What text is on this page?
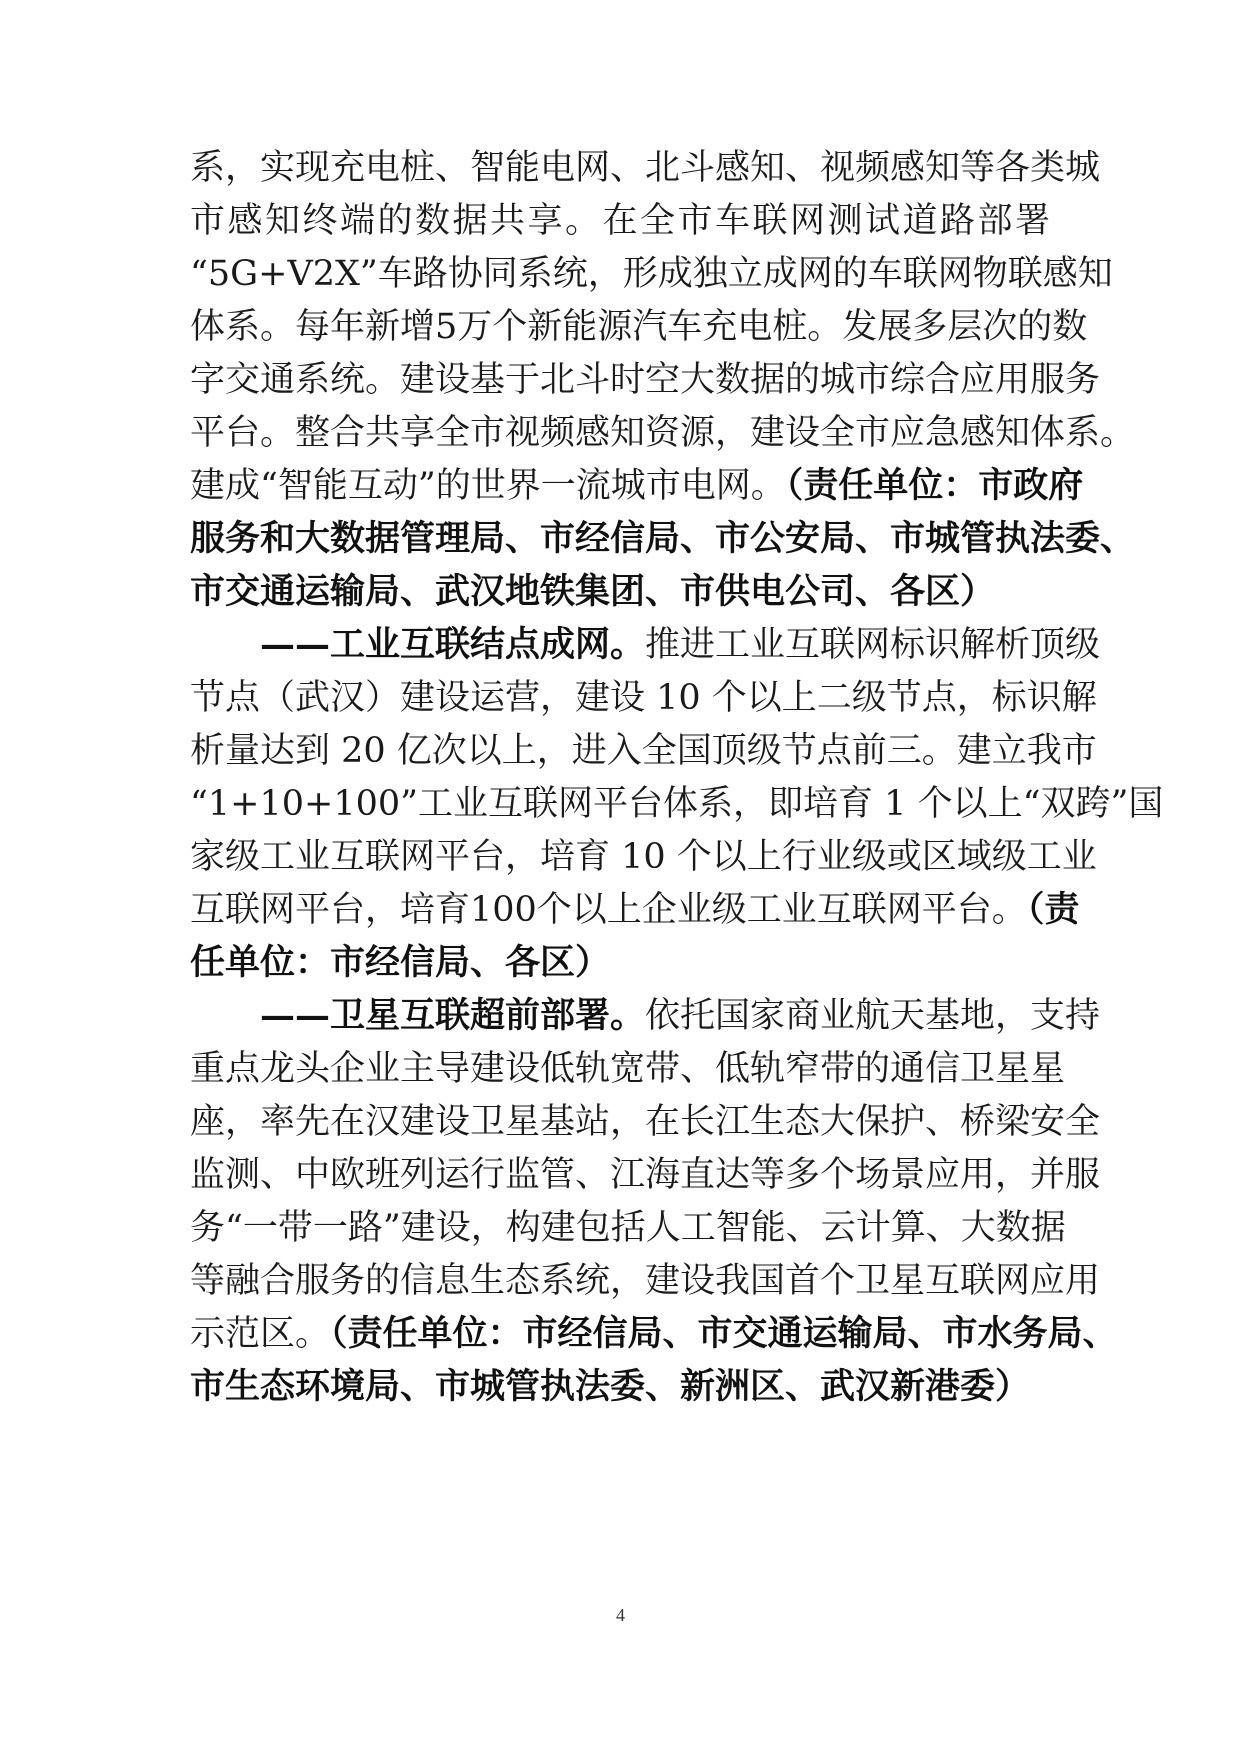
系，实现充电桩、智能电网、北斗感知、视频感知等各类城
市感知终端的数据共享。在全市车联网测试道路部署
“5G+V2X”车路协同系统，形成独立成网的车联网物联感知
体系。每年新增5万个新能源汽车充电桩。发展多层次的数
字交通系统。建设基于北斗时空大数据的城市综合应用服务
平台。整合共享全市视频感知资源，建设全市应急感知体系。
建成“智能互动”的世界一流城市电网。（责任单位：市政府
服务和大数据管理局、市经信局、市公安局、市城管执法委、
市交通运输局、武汉地铁集团、市供电公司、各区）
——工业互联结点成网。推进工业互联网标识解析顶级
节点（武汉）建设运营，建设 10 个以上二级节点，标识解
析量达到 20 亿次以上，进入全国顶级节点前三。建立我市
“1+10+100”工业互联网平台体系，即培育 1 个以上“双跨”国
家级工业互联网平台，培育 10 个以上行业级或区域级工业
互联网平台，培育100个以上企业级工业互联网平台。（责
任单位：市经信局、各区）
——卫星互联超前部署。依托国家商业航天基地，支持
重点龙头企业主导建设低轨宽带、低轨窄带的通信卫星星
座，率先在汉建设卫星基站，在长江生态大保护、桥梁安全
监测、中欧班列运行监管、江海直达等多个场景应用，并服
务“一带一路”建设，构建包括人工智能、云计算、大数据
等融合服务的信息生态系统，建设我国首个卫星互联网应用
示范区。（责任单位：市经信局、市交通运输局、市水务局、
市生态环境局、市城管执法委、新洲区、武汉新港委）
4
